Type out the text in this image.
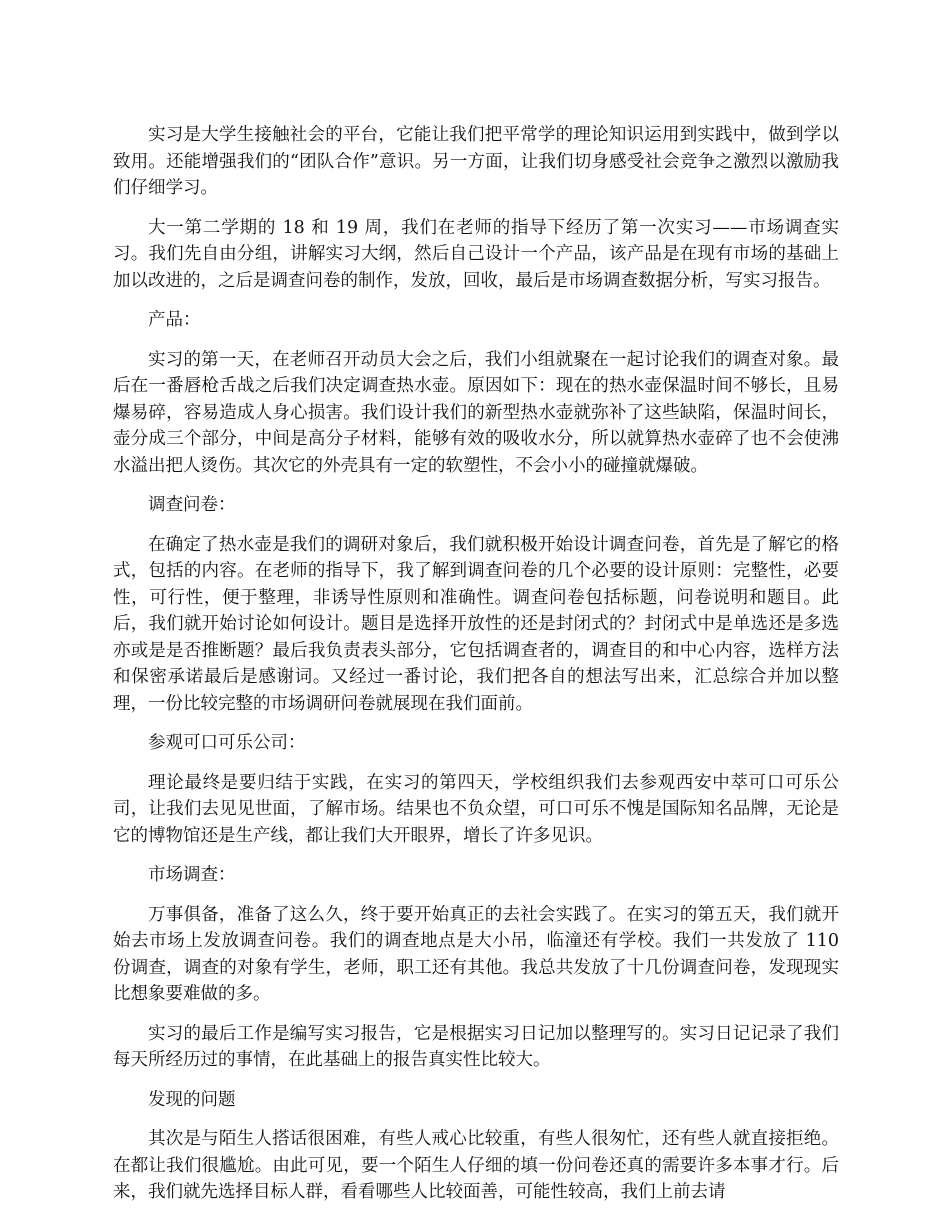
实习是大学生接触社会的平台，它能让我们把平常学的理论知识运用到实践中，做到学以致用。还能增强我们的“团队合作”意识。另一方面，让我们切身感受社会竞争之激烈以激励我们仔细学习。

大一第二学期的 18 和 19 周，我们在老师的指导下经历了第一次实习——市场调查实习。我们先自由分组，讲解实习大纲，然后自己设计一个产品，该产品是在现有市场的基础上加以改进的，之后是调查问卷的制作，发放，回收，最后是市场调查数据分析，写实习报告。

产品：

实习的第一天，在老师召开动员大会之后，我们小组就聚在一起讨论我们的调查对象。最后在一番唇枪舌战之后我们决定调查热水壶。原因如下：现在的热水壶保温时间不够长，且易爆易碎，容易造成人身心损害。我们设计我们的新型热水壶就弥补了这些缺陷，保温时间长，壶分成三个部分，中间是高分子材料，能够有效的吸收水分，所以就算热水壶碎了也不会使沸水溢出把人烫伤。其次它的外壳具有一定的软塑性，不会小小的碰撞就爆破。

调查问卷：

在确定了热水壶是我们的调研对象后，我们就积极开始设计调查问卷，首先是了解它的格式，包括的内容。在老师的指导下，我了解到调查问卷的几个必要的设计原则：完整性，必要性，可行性，便于整理，非诱导性原则和准确性。调查问卷包括标题，问卷说明和题目。此后，我们就开始讨论如何设计。题目是选择开放性的还是封闭式的？封闭式中是单选还是多选亦或是是否推断题？最后我负责表头部分，它包括调查者的，调查目的和中心内容，选样方法和保密承诺最后是感谢词。又经过一番讨论，我们把各自的想法写出来，汇总综合并加以整理，一份比较完整的市场调研问卷就展现在我们面前。

参观可口可乐公司：

理论最终是要归结于实践，在实习的第四天，学校组织我们去参观西安中萃可口可乐公司，让我们去见见世面，了解市场。结果也不负众望，可口可乐不愧是国际知名品牌，无论是它的博物馆还是生产线，都让我们大开眼界，增长了许多见识。

市场调查：

万事俱备，准备了这么久，终于要开始真正的去社会实践了。在实习的第五天，我们就开始去市场上发放调查问卷。我们的调查地点是大小吊，临潼还有学校。我们一共发放了 110 份调查，调查的对象有学生，老师，职工还有其他。我总共发放了十几份调查问卷，发现现实比想象要难做的多。

实习的最后工作是编写实习报告，它是根据实习日记加以整理写的。实习日记记录了我们每天所经历过的事情，在此基础上的报告真实性比较大。

发现的问题

其次是与陌生人搭话很困难，有些人戒心比较重，有些人很匆忙，还有些人就直接拒绝。在都让我们很尴尬。由此可见，要一个陌生人仔细的填一份问卷还真的需要许多本事才行。后来，我们就先选择目标人群，看看哪些人比较面善，可能性较高，我们上前去请
